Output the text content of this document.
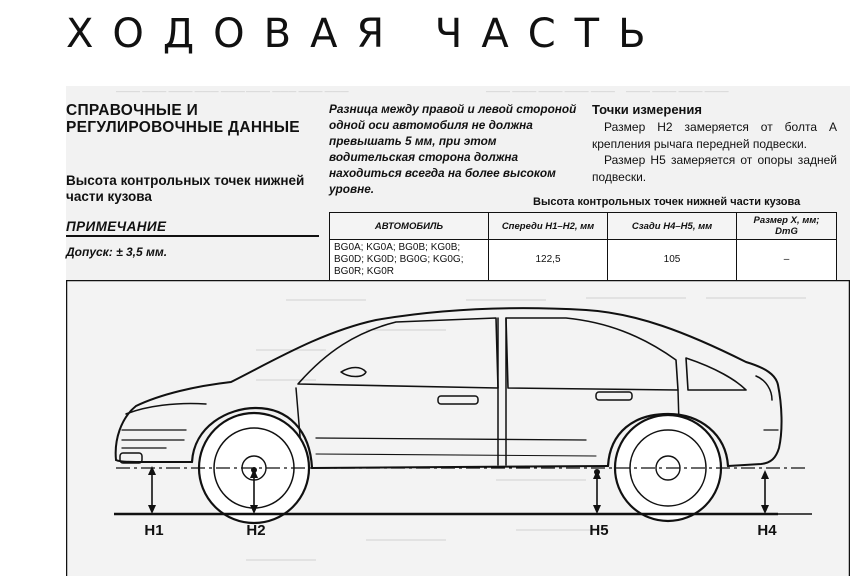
ХОДОВАЯ ЧАСТЬ
——— ——— ——— ——— ——— ——— ——— ——— ———	——— ——— ——— ——— ——— ——— ——— ——— ———
СПРАВОЧНЫЕ И РЕГУЛИРОВОЧНЫЕ ДАННЫЕ
Высота контрольных точек нижней части кузова
ПРИМЕЧАНИЕ
Допуск: ± 3,5 мм.
Разница между правой и левой стороной одной оси автомобиля не должна превышать 5 мм, при этом водительская сторона должна находиться всегда на более высоком уровне.
Точки измерения

Размер H2 замеряется от болта A крепления рычага передней подвески.

Размер H5 замеряется от опоры задней подвески.

Высота контрольных точек нижней части кузова
АВТОМОБИЛЬ	Спереди H1–H2, мм	Сзади H4–H5, мм	Размер X, мм; DmG
BG0A; KG0A; BG0B; KG0B; BG0D; KG0D; BG0G; KG0G; BG0R; KG0R	122,5	105	–
H1	H2	H5	H4
